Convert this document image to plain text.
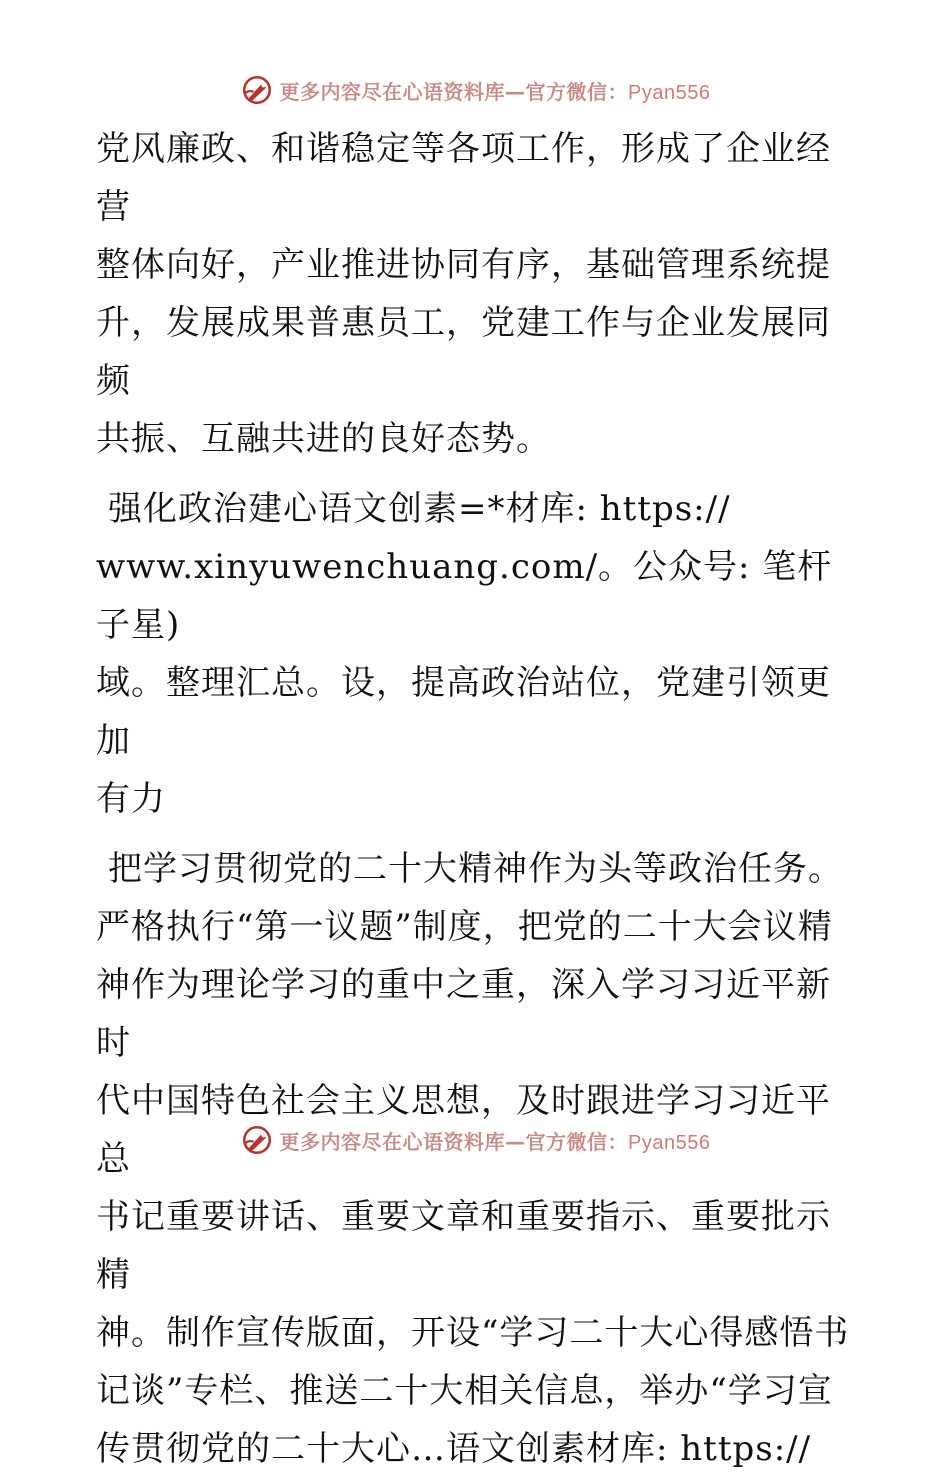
更多内容尽在心语资料库—官方微信：Pyan556

党风廉政、和谐稳定等各项工作，形成了企业经营
整体向好，产业推进协同有序，基础管理系统提
升，发展成果普惠员工，党建工作与企业发展同频
共振、互融共进的良好态势。

强化政治建心语文创素=*材库: https://
www.xinyuwenchuang.com/。公众号: 笔杆子星)
域。整理汇总。设，提高政治站位，党建引领更加
有力

把学习贯彻党的二十大精神作为头等政治任务。
严格执行“第一议题”制度，把党的二十大会议精
神作为理论学习的重中之重，深入学习习近平新时
代中国特色社会主义思想，及时跟进学习习近平总
书记重要讲话、重要文章和重要指示、重要批示精
神。制作宣传版面，开设“学习二十大心得感悟书
记谈”专栏、推送二十大相关信息，举办“学习宣
传贯彻党的二十大心…语文创素材库: https://

更多内容尽在心语资料库—官方微信：Pyan556
